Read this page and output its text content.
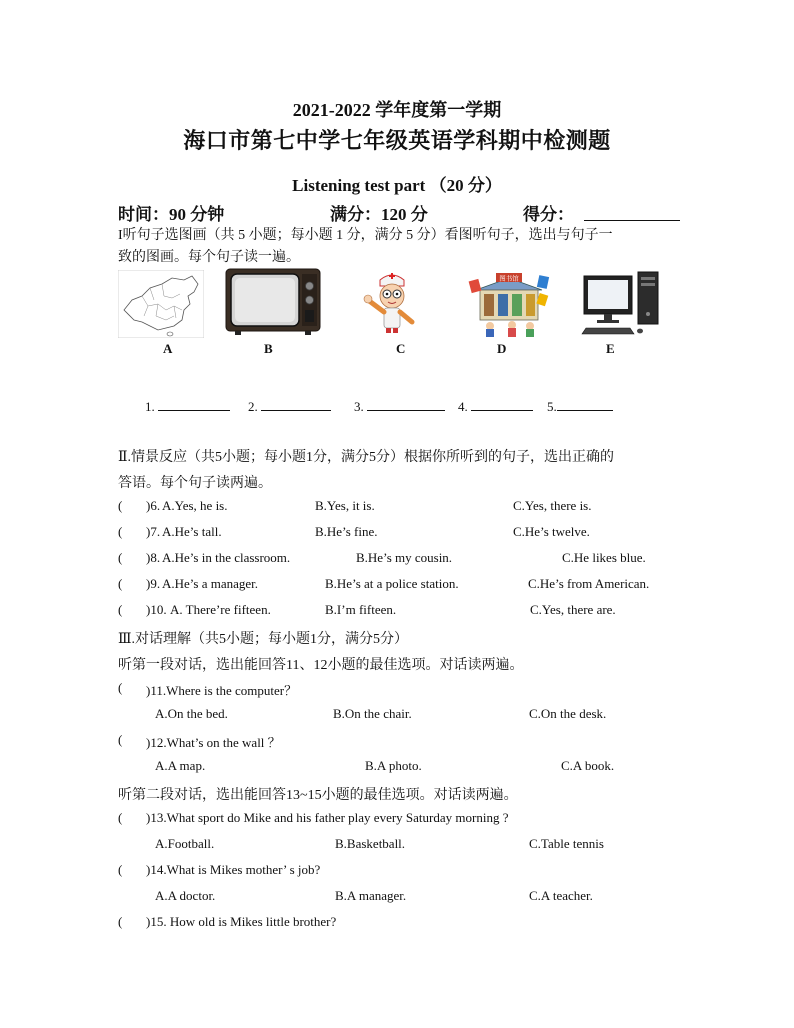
2021-2022 学年度第一学期
海口市第七中学七年级英语学科期中检测题
Listening test part （20 分）
时间：90 分钟	满分：120 分	得分：
I听句子选图画（共 5 小题；每小题 1 分，满分 5 分）看图听句子，选出与句子一
致的图画。每个句子读一遍。
图书馆
A	B	C	D	E
1.	2.	3.	4.	5.
Ⅱ.情景反应（共5小题；每小题1分，满分5分）根据你所听到的句子，选出正确的
答语。每个句子读两遍。
( )6. A.Yes, he is.	B.Yes, it is.	C.Yes, there is.
( )7. A.He’s tall.	B.He’s fine.	C.He’s twelve.
( )8. A.He’s in the classroom.	B.He’s my cousin.	C.He likes blue.
( )9. A.He’s a manager.	B.He’s at a police station.	C.He’s from American.
( )10. A. There’re fifteen.	B.I’m fifteen.	C.Yes, there are.
Ⅲ.对话理解（共5小题；每小题1分，满分5分）
听第一段对话，选出能回答11、12小题的最佳选项。对话读两遍。
( )11.Where is the computer？
A.On the bed.	B.On the chair.	C.On the desk.
( )12.What’s on the wall ？
A.A map.	B.A photo.	C.A book.
听第二段对话，选出能回答13~15小题的最佳选项。对话读两遍。
( )13.What sport do Mike and his father play every Saturday morning ?
A.Football.	B.Basketball.	C.Table tennis
( )14.What is Mikes mother’ s job?
A.A doctor.	B.A manager.	C.A teacher.
( )15. How old is Mikes little brother?
